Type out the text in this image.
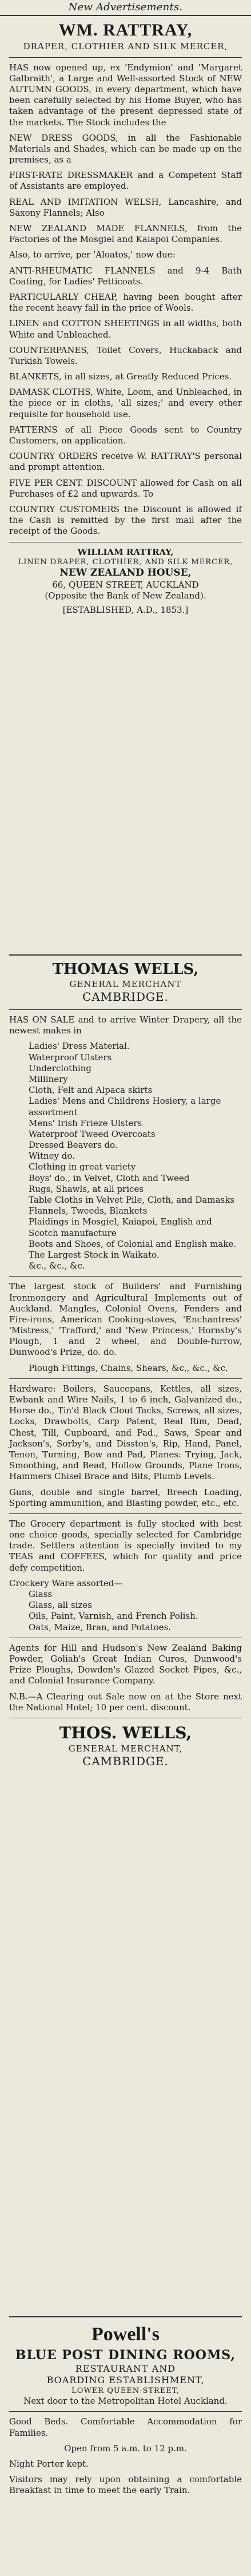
New Advertisements.
WM. RATTRAY,
DRAPER, CLOTHIER AND SILK MERCER,

HAS now opened up, ex 'Endymion' and 'Margaret Galbraith', a Large and Well-assorted Stock of NEW AUTUMN GOODS, in every department, which have been carefully selected by his Home Buyer, who has taken advantage of the present depressed state of the markets. The Stock includes the

NEW DRESS GOODS, in all the Fashionable Materials and Shades, which can be made up on the premises, as a

FIRST-RATE DRESSMAKER and a Competent Staff of Assistants are employed.

REAL AND IMITATION WELSH, Lancashire, and Saxony Flannels; Also

NEW ZEALAND MADE FLANNELS, from the Factories of the Mosgiel and Kaiapoi Companies.

Also, to arrive, per 'Aloatos,' now due:

ANTI-RHEUMATIC FLANNELS and 9-4 Bath Coating, for Ladies' Petticoats.

PARTICULARLY CHEAP, having been bought after the recent heavy fall in the price of Wools.

LINEN and COTTON SHEETINGS in all widths, both White and Unbleached.

COUNTERPANES, Toilet Covers, Huckaback and Turkish Towels.

BLANKETS, in all sizes, at Greatly Reduced Prices.

DAMASK CLOTHS, White, Loom, and Unbleached, in the piece or in cloths, 'all sizes;' and every other requisite for household use.

PATTERNS of all Piece Goods sent to Country Customers, on application.

COUNTRY ORDERS receive W. RATTRAY'S personal and prompt attention.

FIVE PER CENT. DISCOUNT allowed for Cash on all Purchases of £2 and upwards. To

COUNTRY CUSTOMERS the Discount is allowed if the Cash is remitted by the first mail after the receipt of the Goods.

WILLIAM RATTRAY,
LINEN DRAPER, CLOTHIER, AND SILK MERCER,
NEW ZEALAND HOUSE,
66, QUEEN STREET, AUCKLAND
(Opposite the Bank of New Zealand).
[ESTABLISHED, A.D., 1853.]
THOMAS WELLS,
GENERAL MERCHANT
CAMBRIDGE.

HAS ON SALE and to arrive Winter Drapery, all the newest makes in

Ladies' Dress Material.
Waterproof Ulsters
Underclothing
Millinery
Cloth, Felt and Alpaca skirts
Ladies' Mens and Childrens Hosiery, a large assortment
Mens' Irish Frieze Ulsters
Waterproof Tweed Overcoats
Dressed Beavers do.
Witney do.
Clothing in great variety
Boys' do., in Velvet, Cloth and Tweed
Rugs, Shawls, at all prices
Table Cloths in Velvet Pile, Cloth, and Damasks
Flannels, Tweeds, Blankets
Plaidings in Mosgiel, Kaiapoi, English and Scotch manufacture
Boots and Shoes, of Colonial and English make. The Largest Stock in Waikato.
&c., &c., &c.

The largest stock of Builders' and Furnishing Ironmongery and Agricultural Implements out of Auckland. Mangles, Colonial Ovens, Fenders and Fire-irons, American Cooking-stoves, 'Enchantress' 'Mistress,' 'Trafford,' and 'New Princess,' Hornsby's Plough, 1 and 2 wheel, and Double-furrow, Dunwood's Prize, do. do.

Plough Fittings, Chains, Shears, &c., &c., &c.

Hardware: Boilers, Saucepans, Kettles, all sizes, Ewbank and Wire Nails, 1 to 6 inch, Galvanized do., Horse do., Tin'd Black Clout Tacks, Screws, all sizes, Locks, Drawbolts, Carp Patent, Real Rim, Dead, Chest, Till, Cupboard, and Pad., Saws, Spear and Jackson's, Sorby's, and Disston's, Rip, Hand, Panel, Tenon, Turning, Bow and Pad, Planes: Trying, Jack, Smoothing, and Bead, Hollow Grounds, Plane Irons, Hammers Chisel Brace and Bits, Plumb Levels.

Guns, double and single barrel, Breech Loading, Sporting ammunition, and Blasting powder, etc., etc.

The Grocery department is fully stocked with best one choice goods, specially selected for Cambridge trade. Settlers attention is specially invited to my TEAS and COFFEES, which for quality and price defy competition.

Crockery Ware assorted—
Glass
Glass, all sizes
Oils, Paint, Varnish, and French Polish.
Oats, Maize, Bran, and Potatoes.

Agents for Hill and Hudson's New Zealand Baking Powder, Goliah's Great Indian Curos, Dunwood's Prize Ploughs, Dowden's Glazed Socket Pipes, &c., and Colonial Insurance Company.

N.B.—A Clearing out Sale now on at the Store next the National Hotel; 10 per cent. discount.

THOS. WELLS,
GENERAL MERCHANT,
CAMBRIDGE.
Powell's
BLUE POST DINING ROOMS,
RESTAURANT AND
BOARDING ESTABLISHMENT,
LOWER QUEEN-STREET,

Next door to the Metropolitan Hotel Auckland.

Good Beds. Comfortable Accommodation for Families.

Open from 5 a.m. to 12 p.m.

Night Porter kept.

Visitors may rely upon obtaining a comfortable Breakfast in time to meet the early Train.
